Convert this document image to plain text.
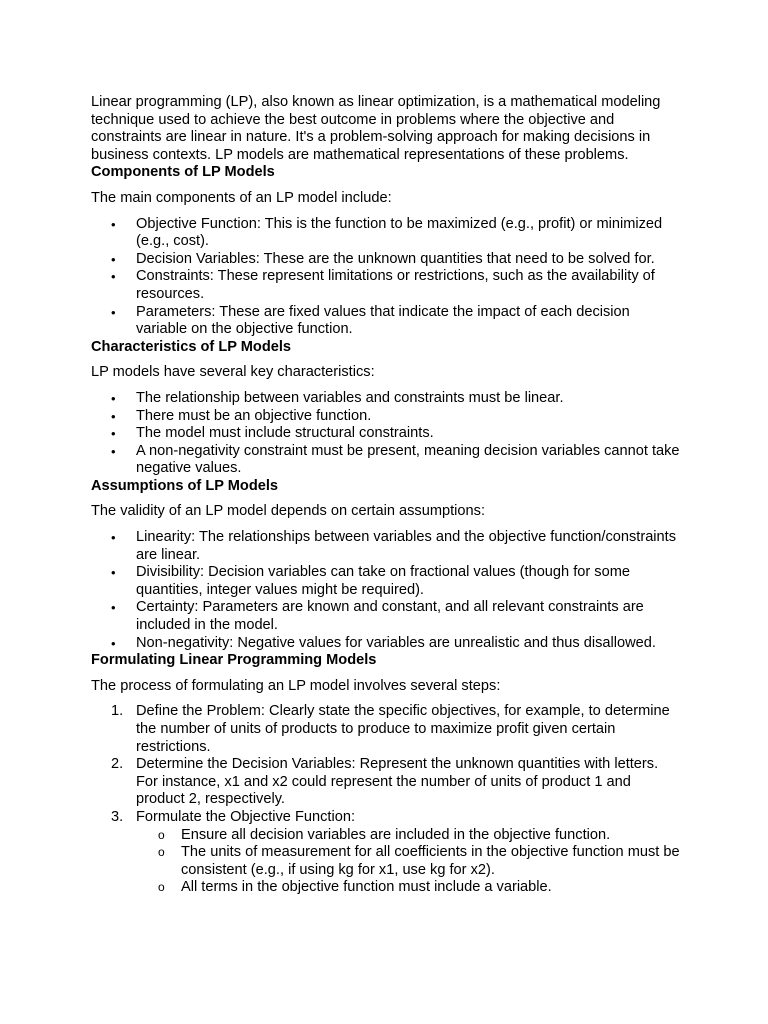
Linear programming (LP), also known as linear optimization, is a mathematical modeling technique used to achieve the best outcome in problems where the objective and constraints are linear in nature. It's a problem-solving approach for making decisions in business contexts. LP models are mathematical representations of these problems.

Components of LP Models

The main components of an LP model include:

• Objective Function: This is the function to be maximized (e.g., profit) or minimized (e.g., cost).
• Decision Variables: These are the unknown quantities that need to be solved for.
• Constraints: These represent limitations or restrictions, such as the availability of resources.
• Parameters: These are fixed values that indicate the impact of each decision variable on the objective function.
Characteristics of LP Models

LP models have several key characteristics:

• The relationship between variables and constraints must be linear.
• There must be an objective function.
• The model must include structural constraints.
• A non-negativity constraint must be present, meaning decision variables cannot take negative values.
Assumptions of LP Models

The validity of an LP model depends on certain assumptions:

• Linearity: The relationships between variables and the objective function/constraints are linear.
• Divisibility: Decision variables can take on fractional values (though for some quantities, integer values might be required).
• Certainty: Parameters are known and constant, and all relevant constraints are included in the model.
• Non-negativity: Negative values for variables are unrealistic and thus disallowed.
Formulating Linear Programming Models

The process of formulating an LP model involves several steps:

1. Define the Problem: Clearly state the specific objectives, for example, to determine the number of units of products to produce to maximize profit given certain restrictions.
2. Determine the Decision Variables: Represent the unknown quantities with letters. For instance, x1 and x2 could represent the number of units of product 1 and product 2, respectively.
3. Formulate the Objective Function:
o Ensure all decision variables are included in the objective function.
o The units of measurement for all coefficients in the objective function must be consistent (e.g., if using kg for x1, use kg for x2).
o All terms in the objective function must include a variable.
